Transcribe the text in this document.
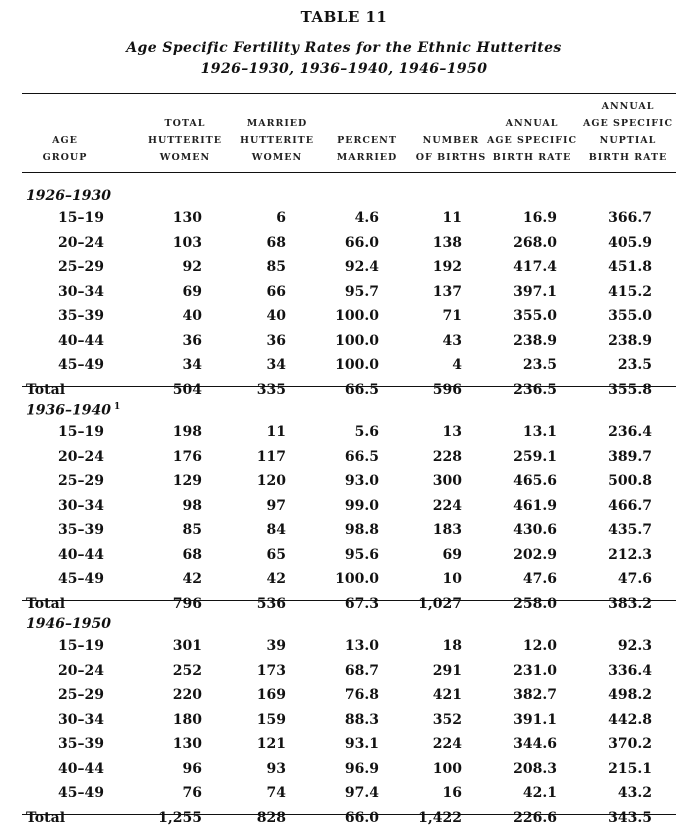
TABLE 11
Age Specific Fertility Rates for the Ethnic Hutterites
1926–1930, 1936–1940, 1946–1950
AGE
GROUP
TOTAL
HUTTERITE
WOMEN
MARRIED
HUTTERITE
WOMEN
PERCENT
MARRIED
NUMBER
OF BIRTHS
ANNUAL
AGE SPECIFIC
BIRTH RATE
ANNUAL
AGE SPECIFIC
NUPTIAL
BIRTH RATE
1926–1930
15–19	130	6	4.6	11	16.9	366.7
20–24	103	68	66.0	138	268.0	405.9
25–29	92	85	92.4	192	417.4	451.8
30–34	69	66	95.7	137	397.1	415.2
35–39	40	40	100.0	71	355.0	355.0
40–44	36	36	100.0	43	238.9	238.9
45–49	34	34	100.0	4	23.5	23.5
Total	504	335	66.5	596	236.5	355.8
1936–1940 $^1$
15–19	198	11	5.6	13	13.1	236.4
20–24	176	117	66.5	228	259.1	389.7
25–29	129	120	93.0	300	465.6	500.8
30–34	98	97	99.0	224	461.9	466.7
35–39	85	84	98.8	183	430.6	435.7
40–44	68	65	95.6	69	202.9	212.3
45–49	42	42	100.0	10	47.6	47.6
Total	796	536	67.3	1,027	258.0	383.2
1946–1950
15–19	301	39	13.0	18	12.0	92.3
20–24	252	173	68.7	291	231.0	336.4
25–29	220	169	76.8	421	382.7	498.2
30–34	180	159	88.3	352	391.1	442.8
35–39	130	121	93.1	224	344.6	370.2
40–44	96	93	96.9	100	208.3	215.1
45–49	76	74	97.4	16	42.1	43.2
Total	1,255	828	66.0	1,422	226.6	343.5
